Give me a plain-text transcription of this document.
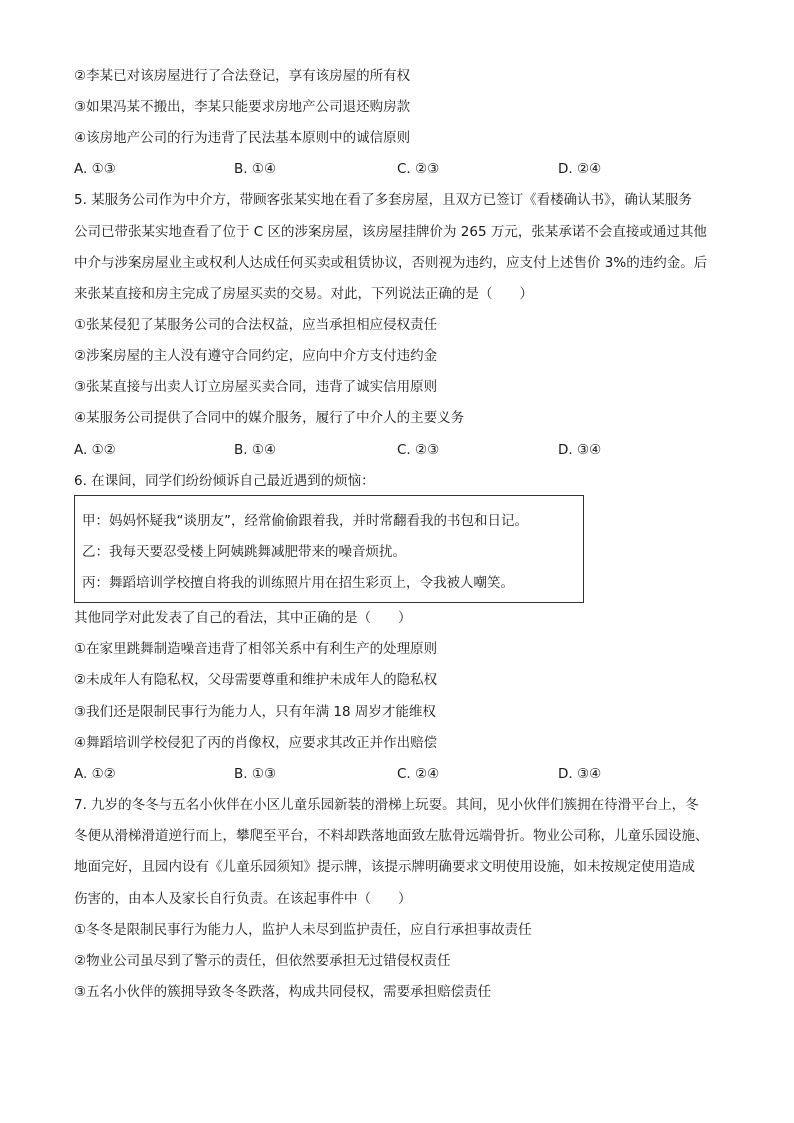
②李某已对该房屋进行了合法登记，享有该房屋的所有权
③如果冯某不搬出，李某只能要求房地产公司退还购房款
④该房地产公司的行为违背了民法基本原则中的诚信原则
A. ①③	B. ①④	C. ②③	D. ②④
5. 某服务公司作为中介方，带顾客张某实地在看了多套房屋，且双方已签订《看楼确认书》，确认某服务
公司已带张某实地查看了位于 C 区的涉案房屋，该房屋挂牌价为 265 万元，张某承诺不会直接或通过其他
中介与涉案房屋业主或权利人达成任何买卖或租赁协议，否则视为违约，应支付上述售价 3%的违约金。后
来张某直接和房主完成了房屋买卖的交易。对此，下列说法正确的是（　　）
①张某侵犯了某服务公司的合法权益，应当承担相应侵权责任
②涉案房屋的主人没有遵守合同约定，应向中介方支付违约金
③张某直接与出卖人订立房屋买卖合同，违背了诚实信用原则
④某服务公司提供了合同中的媒介服务，履行了中介人的主要义务
A. ①②	B. ①④	C. ②③	D. ③④
6. 在课间，同学们纷纷倾诉自己最近遇到的烦恼：
甲：妈妈怀疑我“谈朋友”，经常偷偷跟着我，并时常翻看我的书包和日记。
乙：我每天要忍受楼上阿姨跳舞减肥带来的噪音烦扰。
丙：舞蹈培训学校擅自将我的训练照片用在招生彩页上，令我被人嘲笑。
其他同学对此发表了自己的看法，其中正确的是（　　）
①在家里跳舞制造噪音违背了相邻关系中有利生产的处理原则
②未成年人有隐私权，父母需要尊重和维护未成年人的隐私权
③我们还是限制民事行为能力人，只有年满 18 周岁才能维权
④舞蹈培训学校侵犯了丙的肖像权，应要求其改正并作出赔偿
A. ①②	B. ①③	C. ②④	D. ③④
7. 九岁的冬冬与五名小伙伴在小区儿童乐园新装的滑梯上玩耍。其间，见小伙伴们簇拥在待滑平台上，冬
冬便从滑梯滑道逆行而上，攀爬至平台，不料却跌落地面致左肱骨远端骨折。物业公司称，儿童乐园设施、
地面完好，且园内设有《儿童乐园须知》提示牌，该提示牌明确要求文明使用设施，如未按规定使用造成
伤害的，由本人及家长自行负责。在该起事件中（　　）
①冬冬是限制民事行为能力人，监护人未尽到监护责任，应自行承担事故责任
②物业公司虽尽到了警示的责任，但依然要承担无过错侵权责任
③五名小伙伴的簇拥导致冬冬跌落，构成共同侵权，需要承担赔偿责任
